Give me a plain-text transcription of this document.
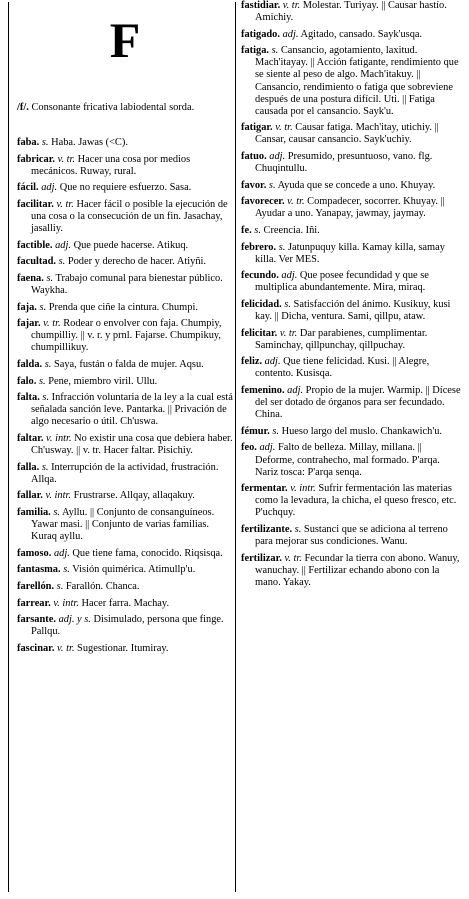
F
/f/. Consonante fricativa labiodental sorda.
faba. s. Haba. Jawas (<C).
fabricar. v. tr. Hacer una cosa por medios mecánicos. Ruway, rural.
fácil. adj. Que no requiere esfuerzo. Sasa.
facilitar. v. tr. Hacer fácil o posible la ejecución de una cosa o la consecución de un fin. Jasachay, jasalliy.
factible. adj. Que puede hacerse. Atikuq.
facultad. s. Poder y derecho de hacer. Atiyñi.
faena. s. Trabajo comunal para bienestar público. Waykha.
faja. s. Prenda que ciñe la cintura. Chumpi.
fajar. v. tr. Rodear o envolver con faja. Chumpiy, chumpilliy. || v. r. y prnl. Fajarse. Chumpikuy, chumpillikuy.
falda. s. Saya, fustán o falda de mujer. Aqsu.
falo. s. Pene, miembro viril. Ullu.
falta. s. Infracción voluntaria de la ley a la cual está señalada sanción leve. Pantarka. || Privación de algo necesario o útil. Ch'uswa.
faltar. v. intr. No existir una cosa que debiera haber. Ch'usway. || v. tr. Hacer faltar. Pisichiy.
falla. s. Interrupción de la actividad, frustración. Allqa.
fallar. v. intr. Frustrarse. Allqay, allaqakuy.
familia. s. Ayllu. || Conjunto de consanguíneos. Yawar masi. || Conjunto de varias familias. Kuraq ayllu.
famoso. adj. Que tiene fama, conocido. Riqsisqa.
fantasma. s. Visión quimérica. Atimullp'u.
farellón. s. Farallón. Chanca.
farrear. v. intr. Hacer farra. Machay.
farsante. adj. y s. Disimulado, persona que finge. Pallqu.
fascinar. v. tr. Sugestionar. Itumiray.
fastidiar. v. tr. Molestar. Turiyay. || Causar hastío. Amichiy.
fatigado. adj. Agitado, cansado. Sayk'usqa.
fatiga. s. Cansancio, agotamiento, laxitud. Mach'itayay. || Acción fatigante, rendimiento que se siente al peso de algo. Mach'itakuy. || Cansancio, rendimiento o fatiga que sobreviene después de una postura difícil. Uti. || Fatiga causada por el cansancio. Sayk'u.
fatigar. v. tr. Causar fatiga. Mach'itay, utichiy. || Cansar, causar cansancio. Sayk'uchiy.
fatuo. adj. Presumido, presuntuoso, vano. flg. Chuqintullu.
favor. s. Ayuda que se concede a uno. Khuyay.
favorecer. v. tr. Compadecer, socorrer. Khuyay. || Ayudar a uno. Yanapay, jawmay, jaymay.
fe. s. Creencia. Iñi.
febrero. s. Jatunpuquy killa. Kamay killa, samay killa. Ver MES.
fecundo. adj. Que posee fecundidad y que se multiplica abundantemente. Mira, miraq.
felicidad. s. Satisfacción del ánimo. Kusikuy, kusi kay. || Dicha, ventura. Sami, qillpu, ataw.
felicitar. v. tr. Dar parabienes, cumplimentar. Saminchay, qillpunchay, qillpuchay.
feliz. adj. Que tiene felicidad. Kusi. || Alegre, contento. Kusisqa.
femenino. adj. Propio de la mujer. Warmip. || Dícese del ser dotado de órganos para ser fecundado. China.
fémur. s. Hueso largo del muslo. Chankawich'u.
feo. adj. Falto de belleza. Millay, millana. || Deforme, contrahecho, mal formado. P'arqa. Nariz tosca: P'arqa senqa.
fermentar. v. intr. Sufrir fermentación las materias como la levadura, la chicha, el queso fresco, etc. P'uchquy.
fertilizante. s. Sustanci que se adiciona al terreno para mejorar sus condiciones. Wanu.
fertilizar. v. tr. Fecundar la tierra con abono. Wanuy, wanuchay. || Fertilizar echando abono con la mano. Yakay.
